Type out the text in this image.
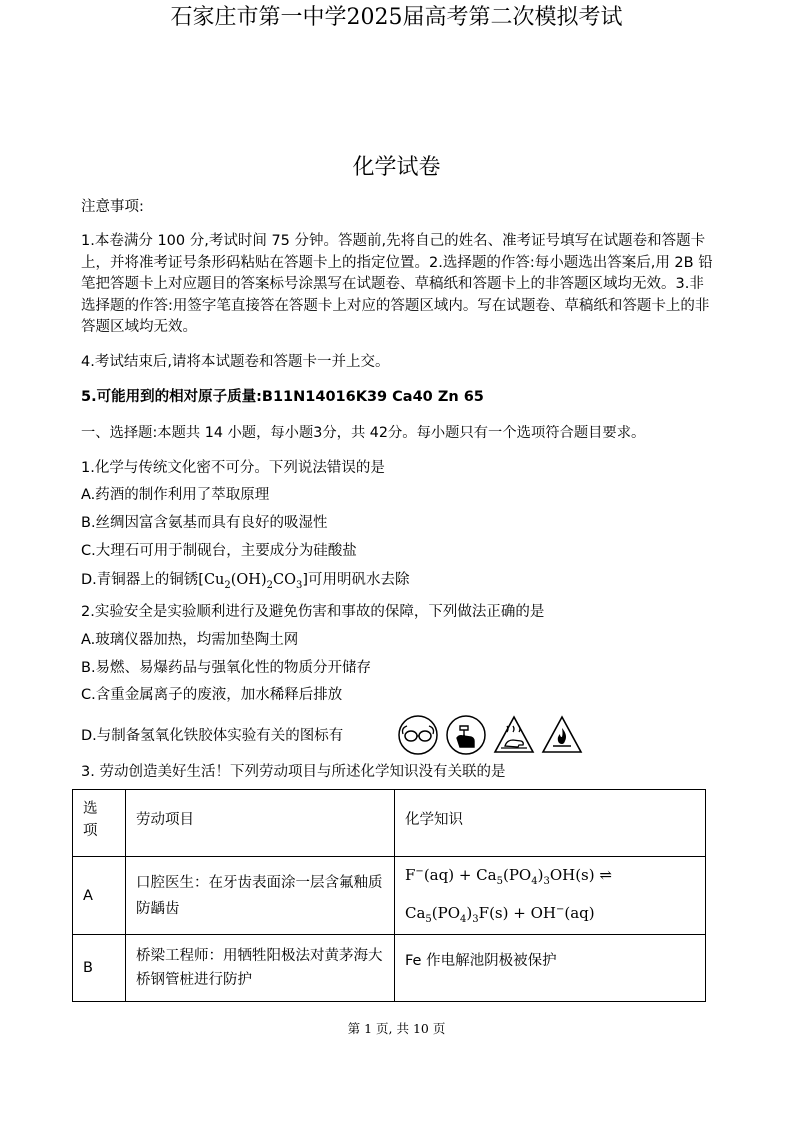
石家庄市第一中学2025届高考第二次模拟考试
化学试卷
注意事项:
1.本卷满分 100 分,考试时间 75 分钟。答题前,先将自己的姓名、准考证号填写在试题卷和答题卡上，并将准考证号条形码粘贴在答题卡上的指定位置。2.选择题的作答:每小题选出答案后,用 2B 铅笔把答题卡上对应题目的答案标号涂黑写在试题卷、草稿纸和答题卡上的非答题区域均无效。3.非选择题的作答:用签字笔直接答在答题卡上对应的答题区域内。写在试题卷、草稿纸和答题卡上的非答题区域均无效。
4.考试结束后,请将本试题卷和答题卡一并上交。
5.可能用到的相对原子质量:B11N14016K39 Ca40 Zn 65
一、选择题:本题共 14 小题，每小题3分，共 42分。每小题只有一个选项符合题目要求。
1.化学与传统文化密不可分。下列说法错误的是
A.药酒的制作利用了萃取原理
B.丝绸因富含氨基而具有良好的吸湿性
C.大理石可用于制砚台，主要成分为硅酸盐
D.青铜器上的铜锈$[Cu_2(OH)_2CO_3]$可用明矾水去除
2.实验安全是实验顺利进行及避免伤害和事故的保障，下列做法正确的是
A.玻璃仪器加热，均需加垫陶土网
B.易燃、易爆药品与强氧化性的物质分开储存
C.含重金属离子的废液，加水稀释后排放
D.与制备氢氧化铁胶体实验有关的图标有
3. 劳动创造美好生活！下列劳动项目与所述化学知识没有关联的是
选项	劳动项目	化学知识
A	口腔医生：在牙齿表面涂一层含氟釉质防龋齿	$F^-(aq) + Ca_5(PO_4)_3OH(s)$ ⇌
$Ca_5(PO_4)_3F(s) + OH^-(aq)$

B	桥梁工程师：用牺牲阳极法对黄茅海大桥钢管桩进行防护	Fe 作电解池阴极被保护
第 1 页, 共 10 页
